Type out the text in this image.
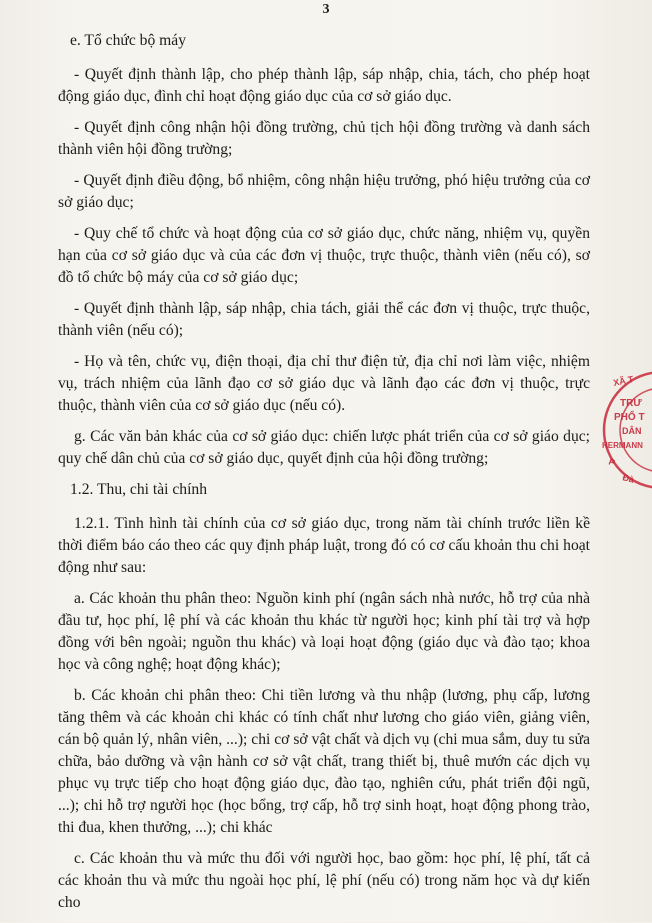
3

e. Tổ chức bộ máy

- Quyết định thành lập, cho phép thành lập, sáp nhập, chia, tách, cho phép hoạt động giáo dục, đình chỉ hoạt động giáo dục của cơ sở giáo dục.

- Quyết định công nhận hội đồng trường, chủ tịch hội đồng trường và danh sách thành viên hội đồng trường;

- Quyết định điều động, bổ nhiệm, công nhận hiệu trưởng, phó hiệu trưởng của cơ sở giáo dục;

- Quy chế tổ chức và hoạt động của cơ sở giáo dục, chức năng, nhiệm vụ, quyền hạn của cơ sở giáo dục và của các đơn vị thuộc, trực thuộc, thành viên (nếu có), sơ đồ tổ chức bộ máy của cơ sở giáo dục;

- Quyết định thành lập, sáp nhập, chia tách, giải thể các đơn vị thuộc, trực thuộc, thành viên (nếu có);

- Họ và tên, chức vụ, điện thoại, địa chỉ thư điện tử, địa chỉ nơi làm việc, nhiệm vụ, trách nhiệm của lãnh đạo cơ sở giáo dục và lãnh đạo các đơn vị thuộc, trực thuộc, thành viên của cơ sở giáo dục (nếu có).

g. Các văn bản khác của cơ sở giáo dục: chiến lược phát triển của cơ sở giáo dục; quy chế dân chủ của cơ sở giáo dục, quyết định của hội đồng trường;

1.2. Thu, chi tài chính

1.2.1. Tình hình tài chính của cơ sở giáo dục, trong năm tài chính trước liền kề thời điểm báo cáo theo các quy định pháp luật, trong đó có cơ cấu khoản thu chi hoạt động như sau:

a. Các khoản thu phân theo: Nguồn kinh phí (ngân sách nhà nước, hỗ trợ của nhà đầu tư, học phí, lệ phí và các khoản thu khác từ người học; kinh phí tài trợ và hợp đồng với bên ngoài; nguồn thu khác) và loại hoạt động (giáo dục và đào tạo; khoa học và công nghệ; hoạt động khác);

b. Các khoản chi phân theo: Chi tiền lương và thu nhập (lương, phụ cấp, lương tăng thêm và các khoản chi khác có tính chất như lương cho giáo viên, giảng viên, cán bộ quản lý, nhân viên, ...); chi cơ sở vật chất và dịch vụ (chi mua sắm, duy tu sửa chữa, bảo dưỡng và vận hành cơ sở vật chất, trang thiết bị, thuê mướn các dịch vụ phục vụ trực tiếp cho hoạt động giáo dục, đào tạo, nghiên cứu, phát triển đội ngũ, ...); chi hỗ trợ người học (học bổng, trợ cấp, hỗ trợ sinh hoạt, hoạt động phong trào, thi đua, khen thưởng, ...); chi khác

c. Các khoản thu và mức thu đối với người học, bao gồm: học phí, lệ phí, tất cả các khoản thu và mức thu ngoài học phí, lệ phí (nếu có) trong năm học và dự kiến cho

XÃ T
TRƯ
PHỔ T
DÂN
HERMANN
P
Đà
